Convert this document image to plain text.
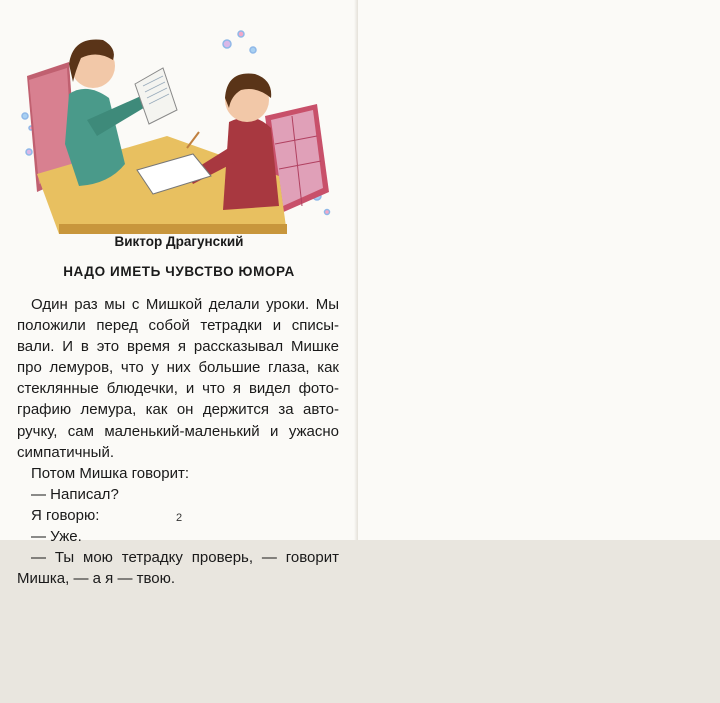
Виктор Драгунский
НАДО ИМЕТЬ ЧУВСТВО ЮМОРА
Один раз мы с Мишкой делали уроки. Мы
положили перед собой тетрадки и списы-
вали. И в это время я рассказывал Мишке
про лемуров, что у них большие глаза, как
стеклянные блюдечки, и что я видел фото-
графию лемура, как он держится за авто-
ручку, сам маленький-маленький и ужасно
симпатичный.
Потом Мишка говорит:
— Написал?
Я говорю:
— Уже.
— Ты мою тетрадку проверь, — говорит
Мишка, — а я — твою.
2
